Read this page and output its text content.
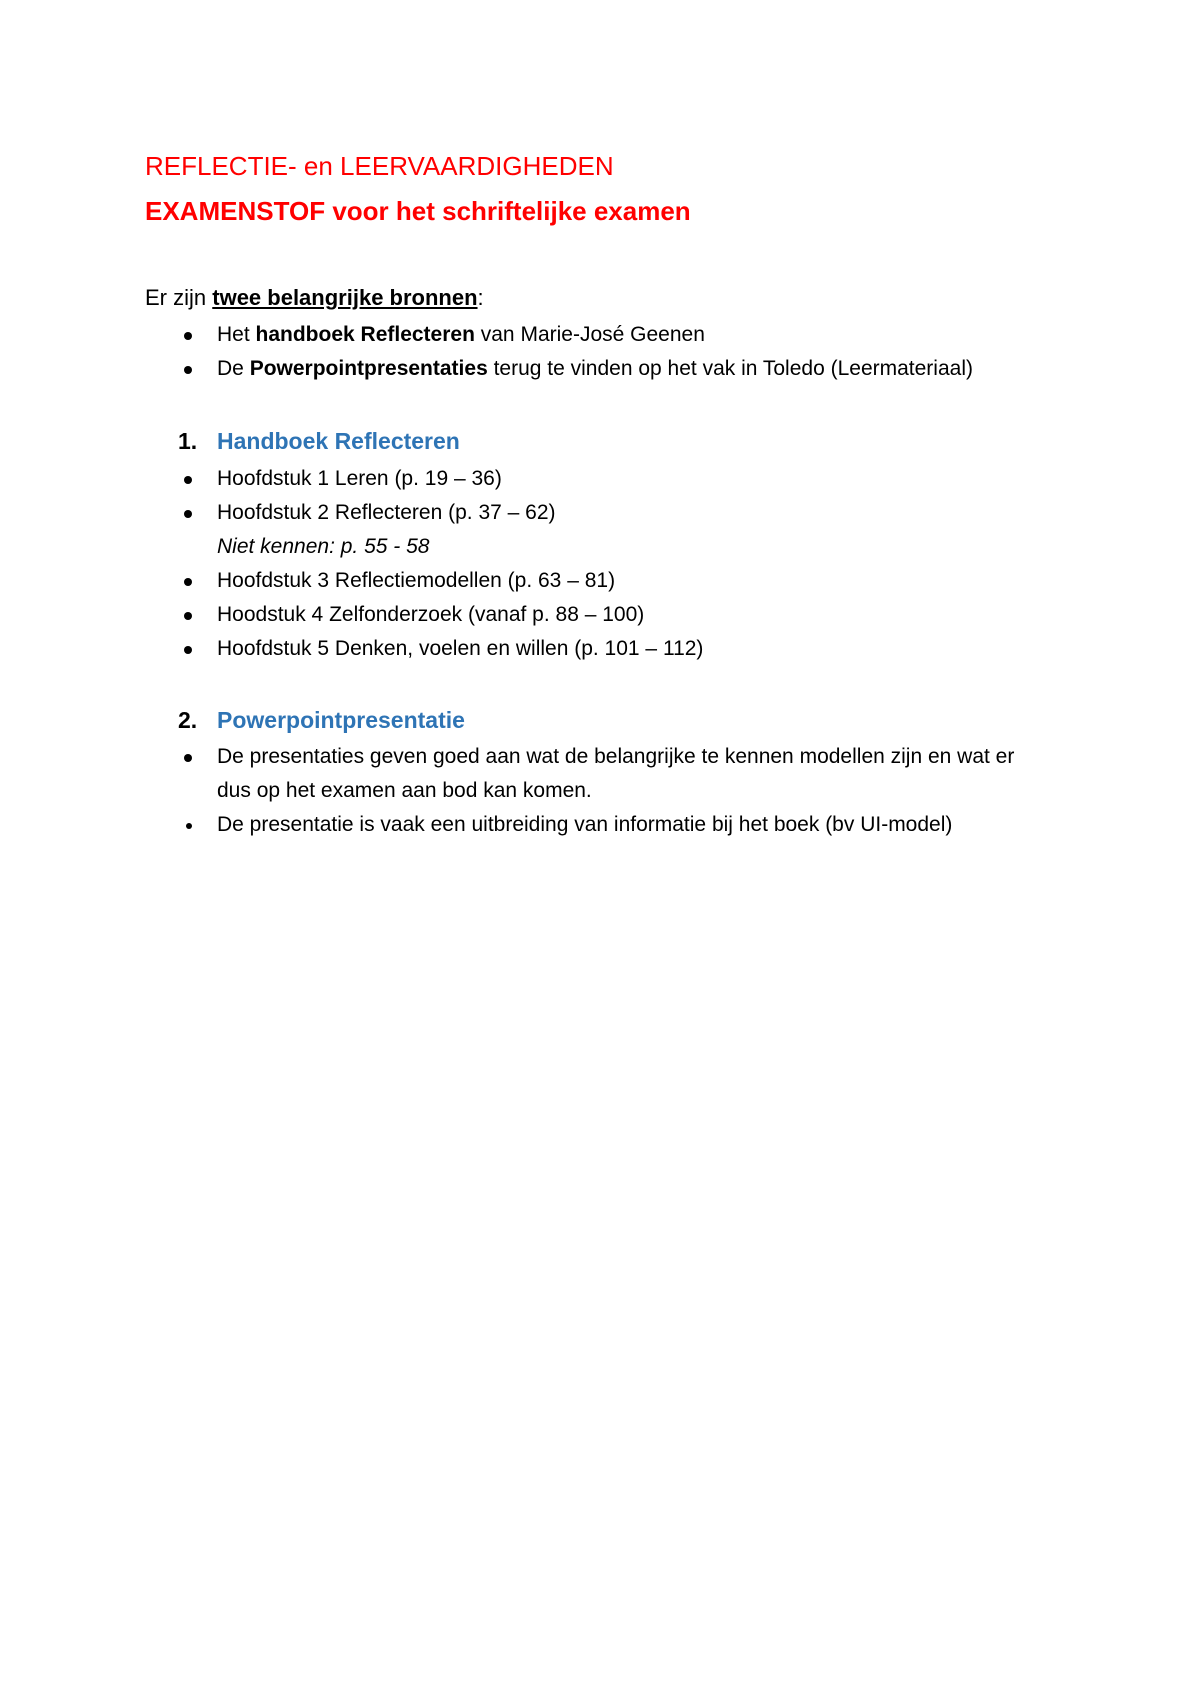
REFLECTIE- en LEERVAARDIGHEDEN
EXAMENSTOF voor het schriftelijke examen
Er zijn twee belangrijke bronnen:
Het handboek Reflecteren van Marie-José Geenen
De Powerpointpresentaties terug te vinden op het vak in Toledo (Leermateriaal)
1. Handboek Reflecteren
Hoofdstuk 1 Leren (p. 19 – 36)
Hoofdstuk 2 Reflecteren (p. 37 – 62)
Niet kennen: p. 55 - 58
Hoofdstuk 3 Reflectiemodellen (p. 63 – 81)
Hoodstuk 4 Zelfonderzoek (vanaf p. 88 – 100)
Hoofdstuk 5 Denken, voelen en willen (p. 101 – 112)
2. Powerpointpresentatie
De presentaties geven goed aan wat de belangrijke te kennen modellen zijn en wat er
dus op het examen aan bod kan komen.
De presentatie is vaak een uitbreiding van informatie bij het boek (bv UI-model)
